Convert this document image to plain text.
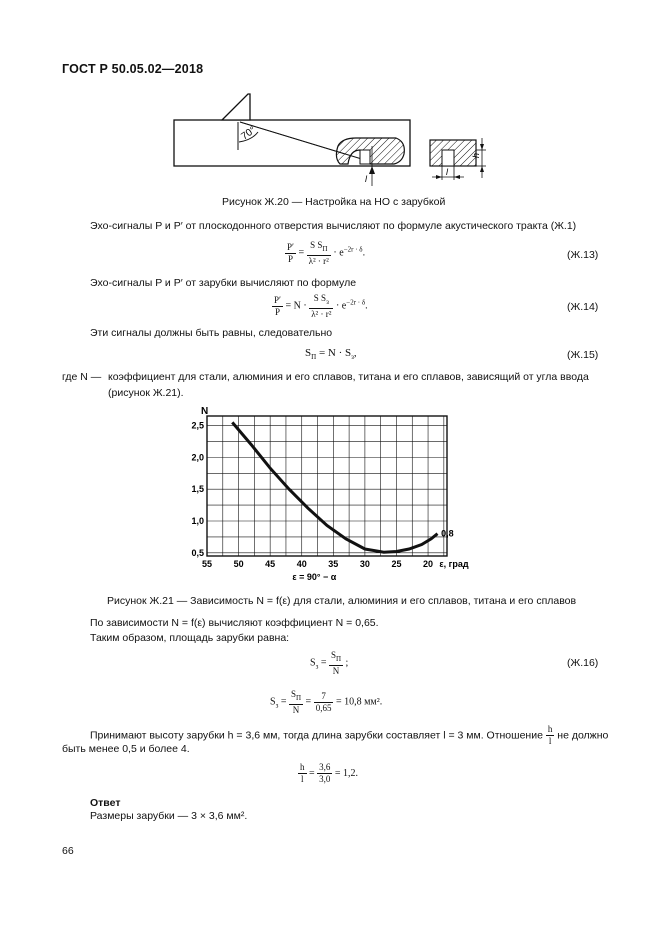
ГОСТ Р 50.05.02—2018
70°
l
l
h
Рисунок Ж.20 — Настройка на НО с зарубкой
Эхо-сигналы P и P′ от плоскодонного отверстия вычисляют по формуле акустического тракта (Ж.1)
$\frac{P'}{P} = \frac{S S_П}{\text{λ² · r²}} \cdot e^{-2r \cdot \delta}$.	(Ж.13)
Эхо-сигналы P и P′ от зарубки вычисляют по формуле
$\frac{P'}{P} = N \cdot \frac{S S_з}{\text{λ² · r²}} \cdot e^{-2r \cdot \delta}$.	(Ж.14)
Эти сигналы должны быть равны, следовательно
$S_П = N \cdot S_з$,	(Ж.15)
где N — коэффициент для стали, алюминия и его сплавов, титана и его сплавов, зависящий от угла ввода (рисунок Ж.21).
55 50 45 40 35 30 25 20
0,5
1,0
1,5
2,0
2,5
N
ε, град
0,8
ε = 90° − α
Рисунок Ж.21 — Зависимость N = f(ε) для стали, алюминия и его сплавов, титана и его сплавов
По зависимости N = f(ε) вычисляют коэффициент N = 0,65.
Таким образом, площадь зарубки равна:
$S_з = \frac{S_П}{N}$ ;	(Ж.16)
$S_з = \frac{S_П}{N} = \frac{7}{0,65} = 10,8$ мм².
Принимают высоту зарубки h = 3,6 мм, тогда длина зарубки составляет l = 3 мм. Отношение $\frac{h}{l}$ не должно
быть менее 0,5 и более 4.
$\frac{h}{l} = \frac{3,6}{3,0} = 1,2$.
Ответ
Размеры зарубки — 3 × 3,6 мм².
66
